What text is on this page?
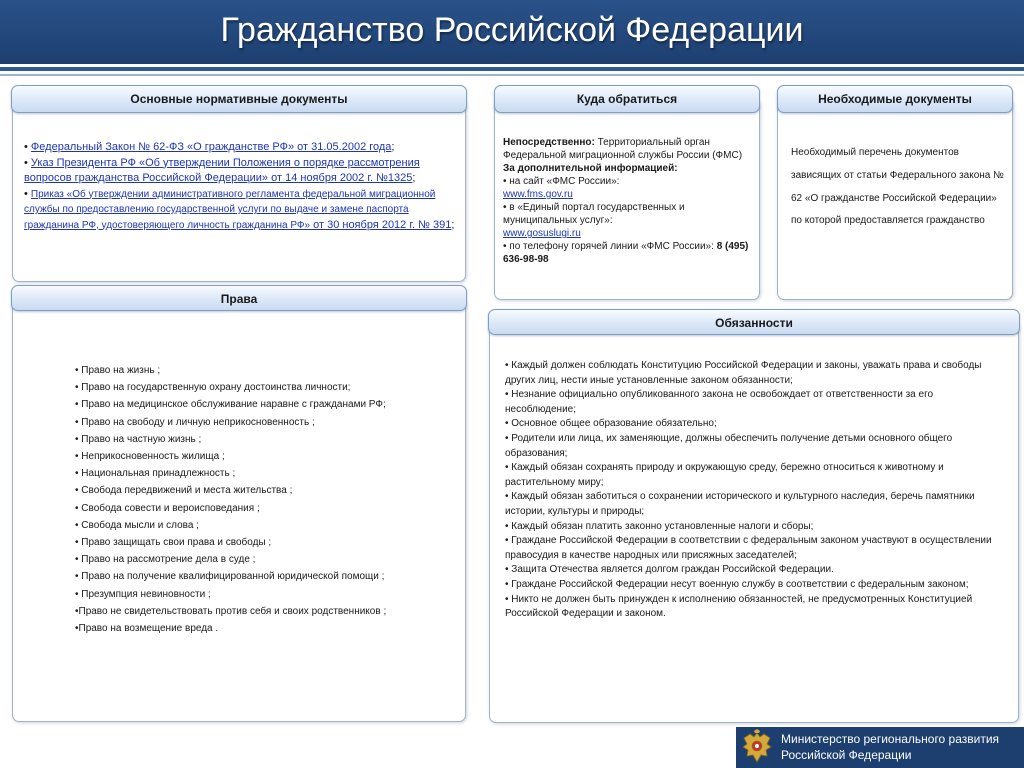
Гражданство Российской Федерации
Основные нормативные документы
• Федеральный Закон № 62-ФЗ «О гражданстве РФ» от 31.05.2002 года;
• Указ Президента РФ «Об утверждении Положения о порядке рассмотрения вопросов гражданства Российской Федерации» от 14 ноября 2002 г. №1325;
• Приказ «Об утверждении административного регламента федеральной миграционной службы по предоставлению государственной услуги по выдаче и замене паспорта гражданина РФ, удостоверяющего личность гражданина РФ» от 30 ноября 2012 г. № 391;
Куда обратиться

Непосредственно: Территориальный орган Федеральной миграционной службы России (ФМС)

За дополнительной информацией:

• на сайт «ФМС России»:
www.fms.gov.ru

• в «Единый портал государственных и муниципальных услуг»:
www.gosuslugi.ru

• по телефону горячей линии «ФМС России»: 8 (495) 636-98-98

Необходимые документы
Необходимый перечень документов зависящих от статьи Федерального закона № 62 «О гражданстве Российской Федерации» по которой предоставляется гражданство
Права
• Право на жизнь ;
• Право на государственную охрану достоинства личности;
• Право на медицинское обслуживание наравне с гражданами РФ;
• Право на свободу и личную неприкосновенность ;
• Право на частную жизнь ;
• Неприкосновенность жилища ;
• Национальная принадлежность ;
• Свобода передвижений и места жительства ;
• Свобода совести и вероисповедания ;
• Свобода мысли и слова ;
• Право защищать свои права и свободы ;
• Право на рассмотрение дела в суде ;
• Право на получение квалифицированной юридической помощи ;
• Презумпция невиновности ;
•Право не свидетельствовать против себя и своих родственников ;
•Право на возмещение вреда .
Обязанности
• Каждый должен соблюдать Конституцию Российской Федерации и законы, уважать права и свободы других лиц, нести иные установленные законом обязанности;
• Незнание официально опубликованного закона не освобождает от ответственности за его несоблюдение;
• Основное общее образование обязательно;
• Родители или лица, их заменяющие, должны обеспечить получение детьми основного общего образования;
• Каждый обязан сохранять природу и окружающую среду, бережно относиться к животному и растительному миру;
• Каждый обязан заботиться о сохранении исторического и культурного наследия, беречь памятники истории, культуры и природы;
• Каждый обязан платить законно установленные налоги и сборы;
• Граждане Российской Федерации в соответствии с федеральным законом участвуют в осуществлении правосудия в качестве народных или присяжных заседателей;
• Защита Отечества является долгом граждан Российской Федерации.
• Граждане Российской Федерации несут военную службу в соответствии с федеральным законом;
• Никто не должен быть принужден к исполнению обязанностей, не предусмотренных Конституцией Российской Федерации и законом.
Министерство регионального развития
Российской Федерации
